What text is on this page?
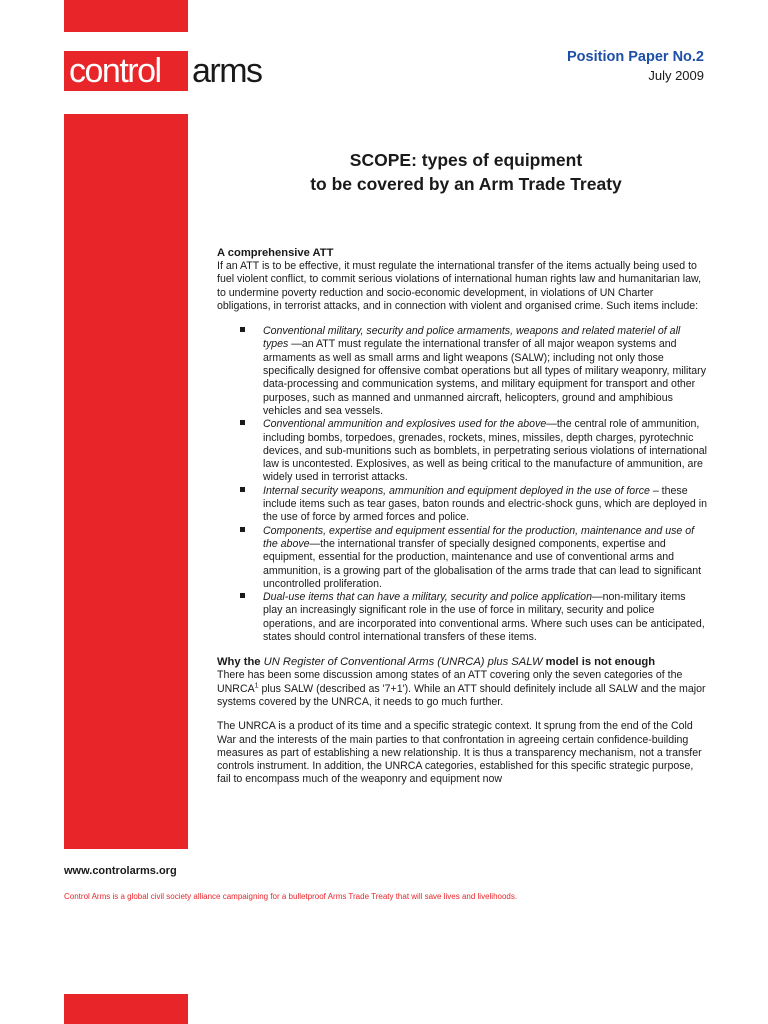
control arms	Position Paper No.2
July 2009
SCOPE: types of equipment
to be covered by an Arm Trade Treaty
A comprehensive ATT

If an ATT is to be effective, it must regulate the international transfer of the items actually being used to fuel violent conflict, to commit serious violations of international human rights law and humanitarian law, to undermine poverty reduction and socio-economic development, in violations of UN Charter obligations, in terrorist attacks, and in connection with violent and organised crime. Such items include:

Conventional military, security and police armaments, weapons and related materiel of all types —an ATT must regulate the international transfer of all major weapon systems and armaments as well as small arms and light weapons (SALW); including not only those specifically designed for offensive combat operations but all types of military weaponry, military data-processing and communication systems, and military equipment for transport and other purposes, such as manned and unmanned aircraft, helicopters, ground and amphibious vehicles and sea vessels.
Conventional ammunition and explosives used for the above—the central role of ammunition, including bombs, torpedoes, grenades, rockets, mines, missiles, depth charges, pyrotechnic devices, and sub-munitions such as bomblets, in perpetrating serious violations of international law is uncontested. Explosives, as well as being critical to the manufacture of ammunition, are widely used in terrorist attacks.
Internal security weapons, ammunition and equipment deployed in the use of force – these include items such as tear gases, baton rounds and electric-shock guns, which are deployed in the use of force by armed forces and police.
Components, expertise and equipment essential for the production, maintenance and use of the above—the international transfer of specially designed components, expertise and equipment, essential for the production, maintenance and use of conventional arms and ammunition, is a growing part of the globalisation of the arms trade that can lead to significant uncontrolled proliferation.
Dual-use items that can have a military, security and police application—non-military items play an increasingly significant role in the use of force in military, security and police operations, and are incorporated into conventional arms. Where such uses can be anticipated, states should control international transfers of these items.
Why the UN Register of Conventional Arms (UNRCA) plus SALW model is not enough

There has been some discussion among states of an ATT covering only the seven categories of the UNRCA$^1$ plus SALW (described as '7+1'). While an ATT should definitely include all SALW and the major systems covered by the UNRCA, it needs to go much further.

The UNRCA is a product of its time and a specific strategic context. It sprung from the end of the Cold War and the interests of the main parties to that confrontation in agreeing certain confidence-building measures as part of establishing a new relationship. It is thus a transparency mechanism, not a transfer controls instrument. In addition, the UNRCA categories, established for this specific strategic purpose, fail to encompass much of the weaponry and equipment now

www.controlarms.org
Control Arms is a global civil society alliance campaigning for a bulletproof Arms Trade Treaty that will save lives and livelihoods.
